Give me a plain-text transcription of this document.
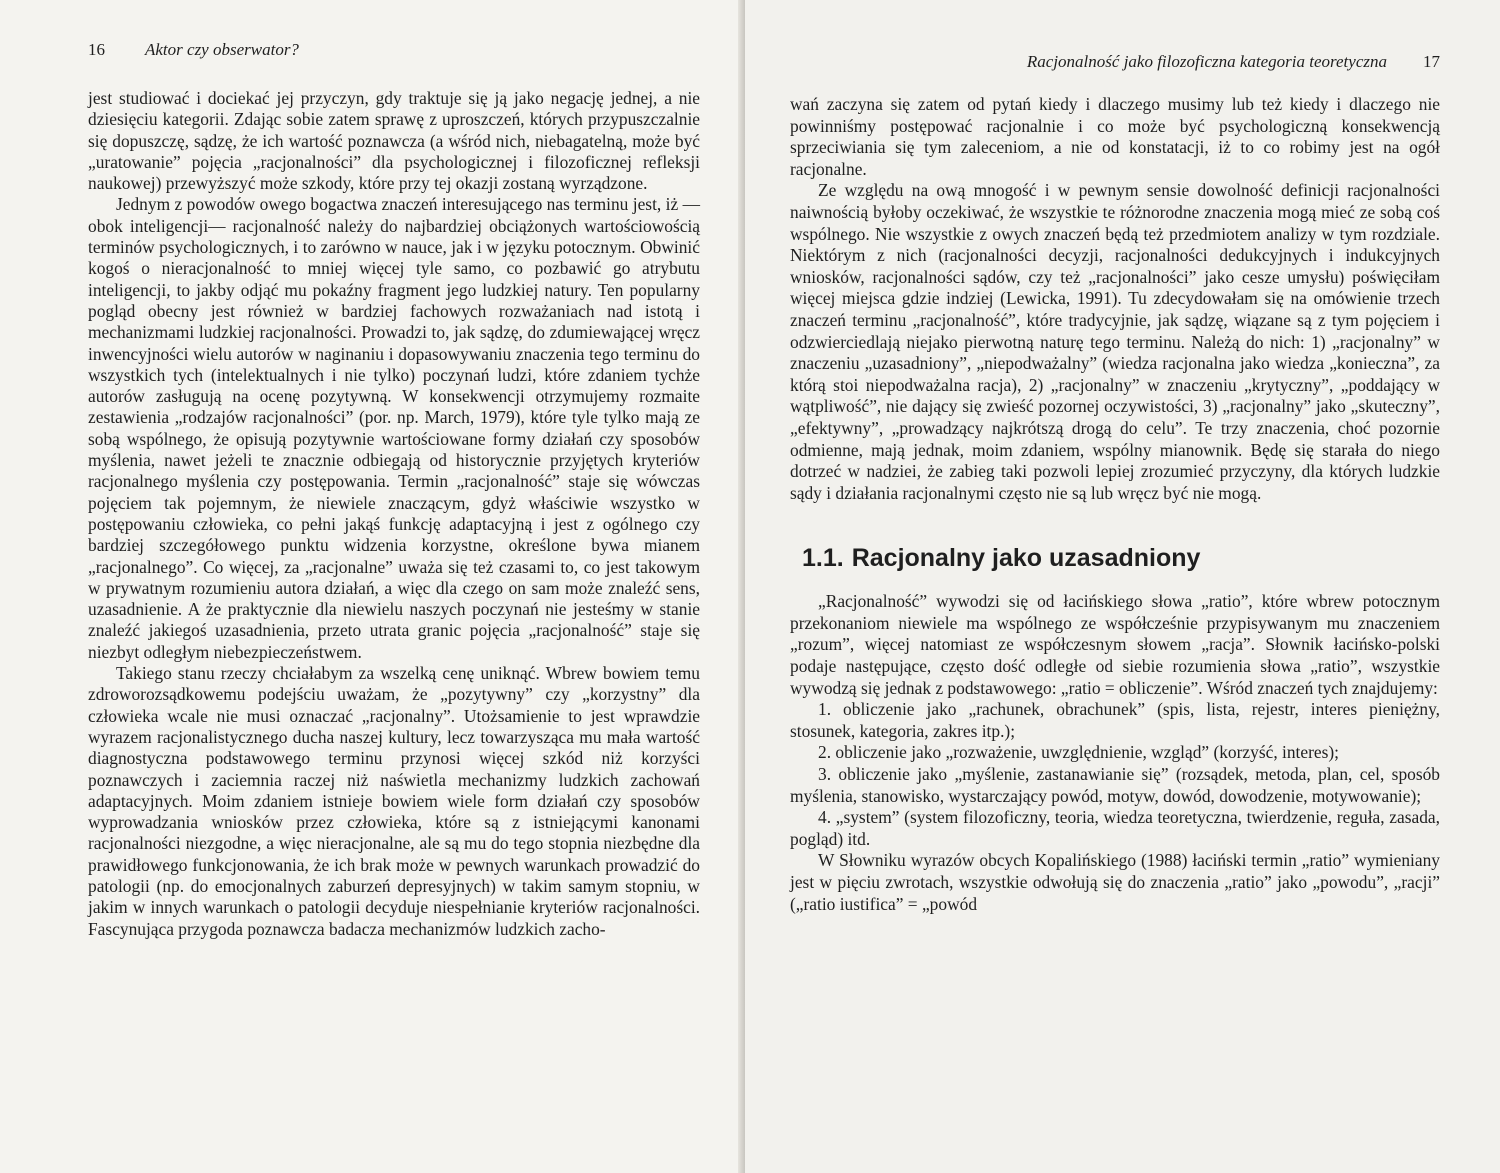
16 Aktor czy obserwator?

jest studiować i dociekać jej przyczyn, gdy traktuje się ją jako negację jednej, a nie dziesięciu kategorii. Zdając sobie zatem sprawę z uproszczeń, których przypuszczalnie się dopuszczę, sądzę, że ich wartość poznawcza (a wśród nich, niebagatelną, może być „uratowanie” pojęcia „racjonalności” dla psychologicznej i filozoficznej refleksji naukowej) przewyższyć może szkody, które przy tej okazji zostaną wyrządzone.

Jednym z powodów owego bogactwa znaczeń interesującego nas terminu jest, iż — obok inteligencji— racjonalność należy do najbardziej obciążonych wartościowością terminów psychologicznych, i to zarówno w nauce, jak i w języku potocznym. Obwinić kogoś o nieracjonalność to mniej więcej tyle samo, co pozbawić go atrybutu inteligencji, to jakby odjąć mu pokaźny fragment jego ludzkiej natury. Ten popularny pogląd obecny jest również w bardziej fachowych rozważaniach nad istotą i mechanizmami ludzkiej racjonalności. Prowadzi to, jak sądzę, do zdumiewającej wręcz inwencyjności wielu autorów w naginaniu i dopasowywaniu znaczenia tego terminu do wszystkich tych (intelektualnych i nie tylko) poczynań ludzi, które zdaniem tychże autorów zasługują na ocenę pozytywną. W konsekwencji otrzymujemy rozmaite zestawienia „rodzajów racjonalności” (por. np. March, 1979), które tyle tylko mają ze sobą wspólnego, że opisują pozytywnie wartościowane formy działań czy sposobów myślenia, nawet jeżeli te znacznie odbiegają od historycznie przyjętych kryteriów racjonalnego myślenia czy postępowania. Termin „racjonalność” staje się wówczas pojęciem tak pojemnym, że niewiele znaczącym, gdyż właściwie wszystko w postępowaniu człowieka, co pełni jakąś funkcję adaptacyjną i jest z ogólnego czy bardziej szczegółowego punktu widzenia korzystne, określone bywa mianem „racjonalnego”. Co więcej, za „racjonalne” uważa się też czasami to, co jest takowym w prywatnym rozumieniu autora działań, a więc dla czego on sam może znaleźć sens, uzasadnienie. A że praktycznie dla niewielu naszych poczynań nie jesteśmy w stanie znaleźć jakiegoś uzasadnienia, przeto utrata granic pojęcia „racjonalność” staje się niezbyt odległym niebezpieczeństwem.

Takiego stanu rzeczy chciałabym za wszelką cenę uniknąć. Wbrew bowiem temu zdroworozsądkowemu podejściu uważam, że „pozytywny” czy „korzystny” dla człowieka wcale nie musi oznaczać „racjonalny”. Utożsamienie to jest wprawdzie wyrazem racjonalistycznego ducha naszej kultury, lecz towarzysząca mu mała wartość diagnostyczna podstawowego terminu przynosi więcej szkód niż korzyści poznawczych i zaciemnia raczej niż naświetla mechanizmy ludzkich zachowań adaptacyjnych. Moim zdaniem istnieje bowiem wiele form działań czy sposobów wyprowadzania wniosków przez człowieka, które są z istniejącymi kanonami racjonalności niezgodne, a więc nieracjonalne, ale są mu do tego stopnia niezbędne dla prawidłowego funkcjonowania, że ich brak może w pewnych warunkach prowadzić do patologii (np. do emocjonalnych zaburzeń depresyjnych) w takim samym stopniu, w jakim w innych warunkach o patologii decyduje niespełnianie kryteriów racjonalności. Fascynująca przygoda poznawcza badacza mechanizmów ludzkich zacho-

Racjonalność jako filozoficzna kategoria teoretyczna 17

wań zaczyna się zatem od pytań kiedy i dlaczego musimy lub też kiedy i dlaczego nie powinniśmy postępować racjonalnie i co może być psychologiczną konsekwencją sprzeciwiania się tym zaleceniom, a nie od konstatacji, iż to co robimy jest na ogół racjonalne.

Ze względu na ową mnogość i w pewnym sensie dowolność definicji racjonalności naiwnością byłoby oczekiwać, że wszystkie te różnorodne znaczenia mogą mieć ze sobą coś wspólnego. Nie wszystkie z owych znaczeń będą też przedmiotem analizy w tym rozdziale. Niektórym z nich (racjonalności decyzji, racjonalności dedukcyjnych i indukcyjnych wniosków, racjonalności sądów, czy też „racjonalności” jako cesze umysłu) poświęciłam więcej miejsca gdzie indziej (Lewicka, 1991). Tu zdecydowałam się na omówienie trzech znaczeń terminu „racjonalność”, które tradycyjnie, jak sądzę, wiązane są z tym pojęciem i odzwierciedlają niejako pierwotną naturę tego terminu. Należą do nich: 1) „racjonalny” w znaczeniu „uzasadniony”, „niepodważalny” (wiedza racjonalna jako wiedza „konieczna”, za którą stoi niepodważalna racja), 2) „racjonalny” w znaczeniu „krytyczny”, „poddający w wątpliwość”, nie dający się zwieść pozornej oczywistości, 3) „racjonalny” jako „skuteczny”, „efektywny”, „prowadzący najkrótszą drogą do celu”. Te trzy znaczenia, choć pozornie odmienne, mają jednak, moim zdaniem, wspólny mianownik. Będę się starała do niego dotrzeć w nadziei, że zabieg taki pozwoli lepiej zrozumieć przyczyny, dla których ludzkie sądy i działania racjonalnymi często nie są lub wręcz być nie mogą.

1.1. Racjonalny jako uzasadniony

„Racjonalność” wywodzi się od łacińskiego słowa „ratio”, które wbrew potocznym przekonaniom niewiele ma wspólnego ze współcześnie przypisywanym mu znaczeniem „rozum”, więcej natomiast ze współczesnym słowem „racja”. Słownik łacińsko-polski podaje następujące, często dość odległe od siebie rozumienia słowa „ratio”, wszystkie wywodzą się jednak z podstawowego: „ratio = obliczenie”. Wśród znaczeń tych znajdujemy:

1. obliczenie jako „rachunek, obrachunek” (spis, lista, rejestr, interes pieniężny, stosunek, kategoria, zakres itp.);

2. obliczenie jako „rozważenie, uwzględnienie, wzgląd” (korzyść, interes);

3. obliczenie jako „myślenie, zastanawianie się” (rozsądek, metoda, plan, cel, sposób myślenia, stanowisko, wystarczający powód, motyw, dowód, dowodzenie, motywowanie);

4. „system” (system filozoficzny, teoria, wiedza teoretyczna, twierdzenie, reguła, zasada, pogląd) itd.

W Słowniku wyrazów obcych Kopalińskiego (1988) łaciński termin „ratio” wymieniany jest w pięciu zwrotach, wszystkie odwołują się do znaczenia „ratio” jako „powodu”, „racji” („ratio iustifica” = „powód
